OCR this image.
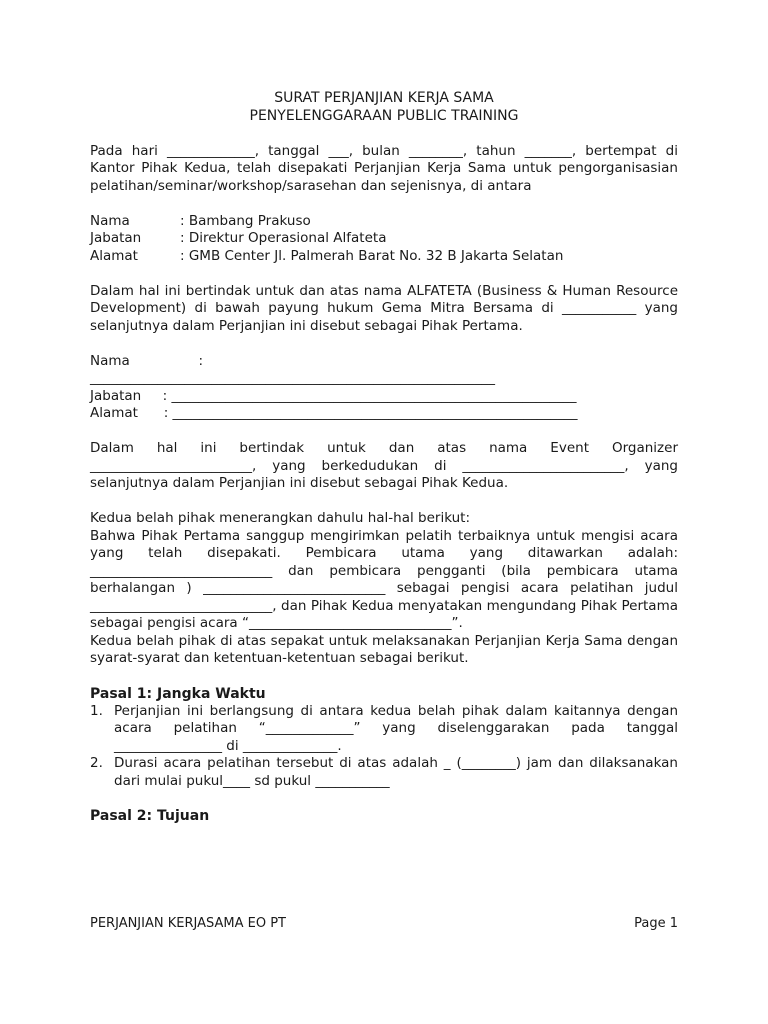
SURAT PERJANJIAN KERJA SAMA

PENYELENGGARAAN PUBLIC TRAINING

Pada hari _____________, tanggal ___, bulan ________, tahun _______, bertempat di Kantor Pihak Kedua, telah disepakati Perjanjian Kerja Sama untuk pengorganisasian pelatihan/seminar/workshop/sarasehan dan sejenisnya, di antara

Nama	: Bambang Prakuso
Jabatan	: Direktur Operasional Alfateta
Alamat	: GMB Center Jl. Palmerah Barat No. 32 B Jakarta Selatan

Dalam hal ini bertindak untuk dan atas nama ALFATETA (Business & Human Resource Development) di bawah payung hukum Gema Mitra Bersama di ___________ yang selanjutnya dalam Perjanjian ini disebut sebagai Pihak Pertama.

Nama                :

____________________________________________________________

Jabatan     : ____________________________________________________________

Alamat      : ____________________________________________________________

Dalam hal ini bertindak untuk dan atas nama Event Organizer ________________________, yang berkedudukan di ________________________, yang selanjutnya dalam Perjanjian ini disebut sebagai Pihak Kedua.

Kedua belah pihak menerangkan dahulu hal-hal berikut:

Bahwa Pihak Pertama sanggup mengirimkan pelatih terbaiknya untuk mengisi acara yang telah disepakati. Pembicara utama yang ditawarkan adalah: ___________________________ dan pembicara pengganti (bila pembicara utama berhalangan ) ___________________________ sebagai pengisi acara pelatihan judul ___________________________, dan Pihak Kedua menyatakan mengundang Pihak Pertama sebagai pengisi acara “______________________________”.

Kedua belah pihak di atas sepakat untuk melaksanakan Perjanjian Kerja Sama dengan syarat-syarat dan ketentuan-ketentuan sebagai berikut.

Pasal 1: Jangka Waktu

1. Perjanjian ini berlangsung di antara kedua belah pihak dalam kaitannya dengan acara pelatihan “_____________” yang diselenggarakan pada tanggal ________________ di ______________.
2. Durasi acara pelatihan tersebut di atas adalah _ (________) jam dan dilaksanakan dari mulai pukul____ sd pukul ___________

Pasal 2: Tujuan

PERJANJIAN KERJASAMA EO PT	Page 1
